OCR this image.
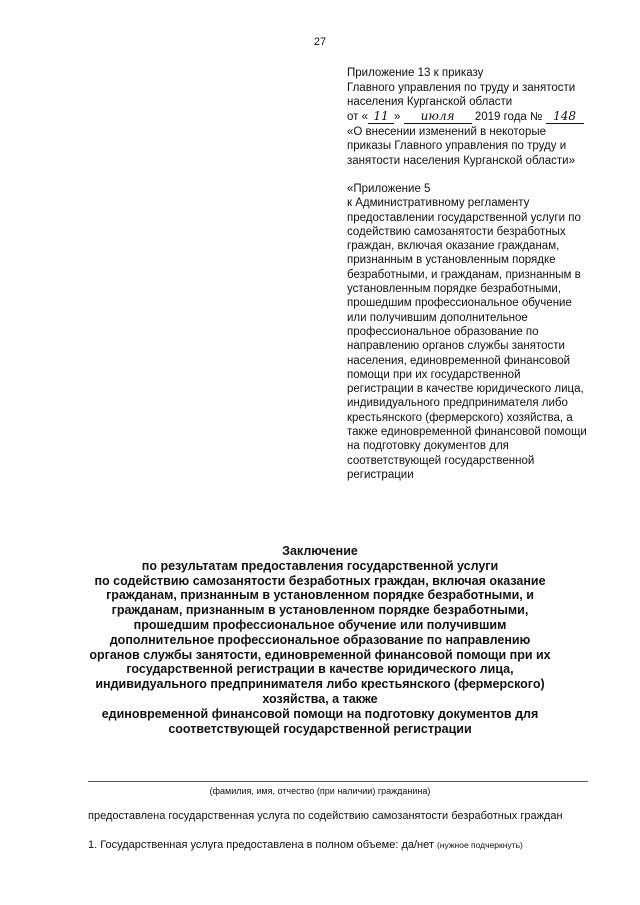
27
Приложение 13 к приказу
Главного управления по труду и занятости
населения Курганской области
от « 11 » июля 2019 года № 148
«О внесении изменений в некоторые
приказы Главного управления по труду и
занятости населения Курганской области»
«Приложение 5
к Административному регламенту
предоставлении государственной услуги по
содействию самозанятости безработных
граждан, включая оказание гражданам,
признанным в установленным порядке
безработными, и гражданам, признанным в
установленным порядке безработными,
прошедшим профессиональное обучение
или получившим дополнительное
профессиональное образование по
направлению органов службы занятости
населения, единовременной финансовой
помощи при их государственной
регистрации в качестве юридического лица,
индивидуального предпринимателя либо
крестьянского (фермерского) хозяйства, а
также единовременной финансовой помощи
на подготовку документов для
соответствующей государственной
регистрации
Заключение
по результатам предоставления государственной услуги
по содействию самозанятости безработных граждан, включая оказание
гражданам, признанным в установленном порядке безработными, и
гражданам, признанным в установленном порядке безработными,
прошедшим профессиональное обучение или получившим
дополнительное профессиональное образование по направлению
органов службы занятости, единовременной финансовой помощи при их
государственной регистрации в качестве юридического лица,
индивидуального предпринимателя либо крестьянского (фермерского)
хозяйства, а также
единовременной финансовой помощи на подготовку документов для
соответствующей государственной регистрации
(фамилия, имя, отчество (при наличии) гражданина)
предоставлена государственная услуга по содействию самозанятости безработных граждан
1. Государственная услуга предоставлена в полном объеме: да/нет (нужное подчеркнуть)
